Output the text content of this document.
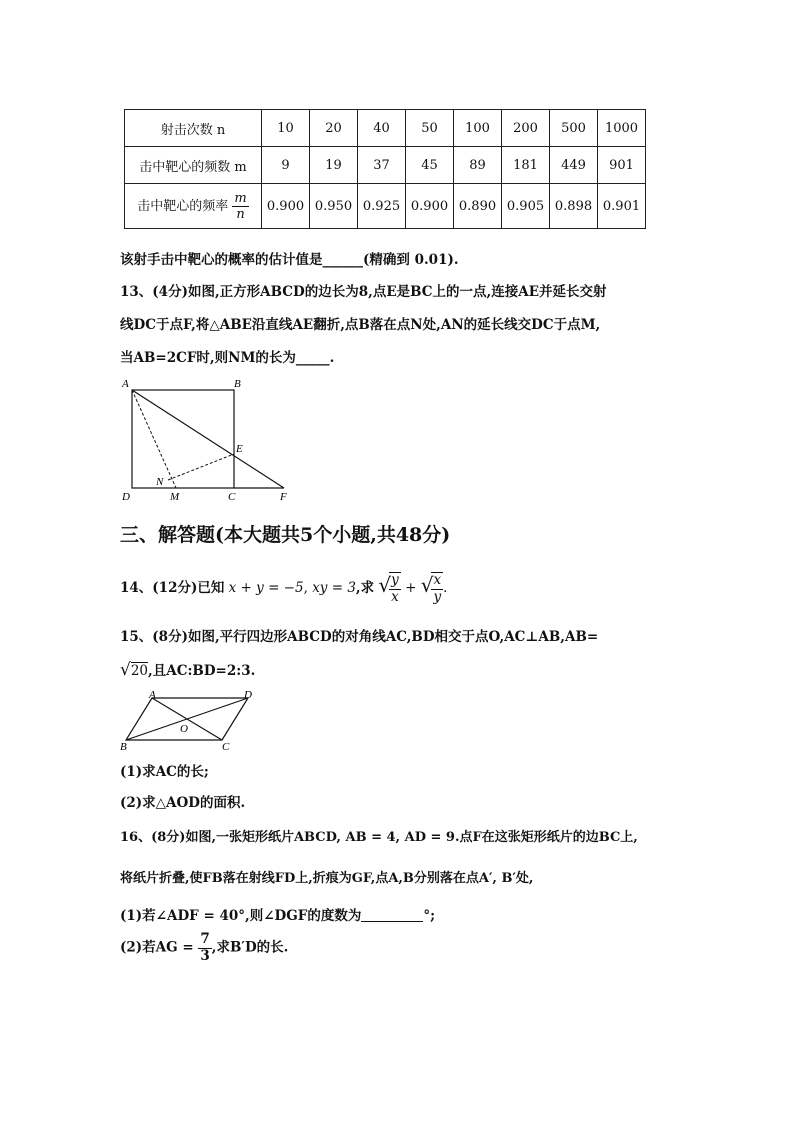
射击次数 n	10	20	40	50	100	200	500	1000
击中靶心的频数 m	9	19	37	45	89	181	449	901
击中靶心的频率 $\frac{m}{n}$	0.900	0.950	0.925	0.900	0.890	0.905	0.898	0.901
该射手击中靶心的概率的估计值是______(精确到 0.01).
13、(4分)如图,正方形ABCD的边长为8,点E是BC上的一点,连接AE并延长交射
线DC于点F,将△ABE沿直线AE翻折,点B落在点N处,AN的延长线交DC于点M,
当AB=2CF时,则NM的长为_____.
A	B
C
D
E
F
N
M
三、解答题(本大题共5个小题,共48分)
14、(12分)已知 x + y = −5, xy = 3,求 √
$\frac{y}{x}$ + √
$\frac{x}{y}$ .
15、(8分)如图,平行四边形ABCD的对角线AC,BD相交于点O,AC⊥AB,AB=
√20,且AC:BD=2:3.
A	D
B	C
O
(1)求AC的长;
(2)求△AOD的面积.
16、(8分)如图,一张矩形纸片ABCD, AB = 4, AD = 9.点F在这张矩形纸片的边BC上,
将纸片折叠,使FB落在射线FD上,折痕为GF,点A,B分别落在点A′, B′处,
(1)若∠ADF = 40°,则∠DGF的度数为	°;
(2)若AG = $\frac{7}{3}$ ,求B′D的长.
